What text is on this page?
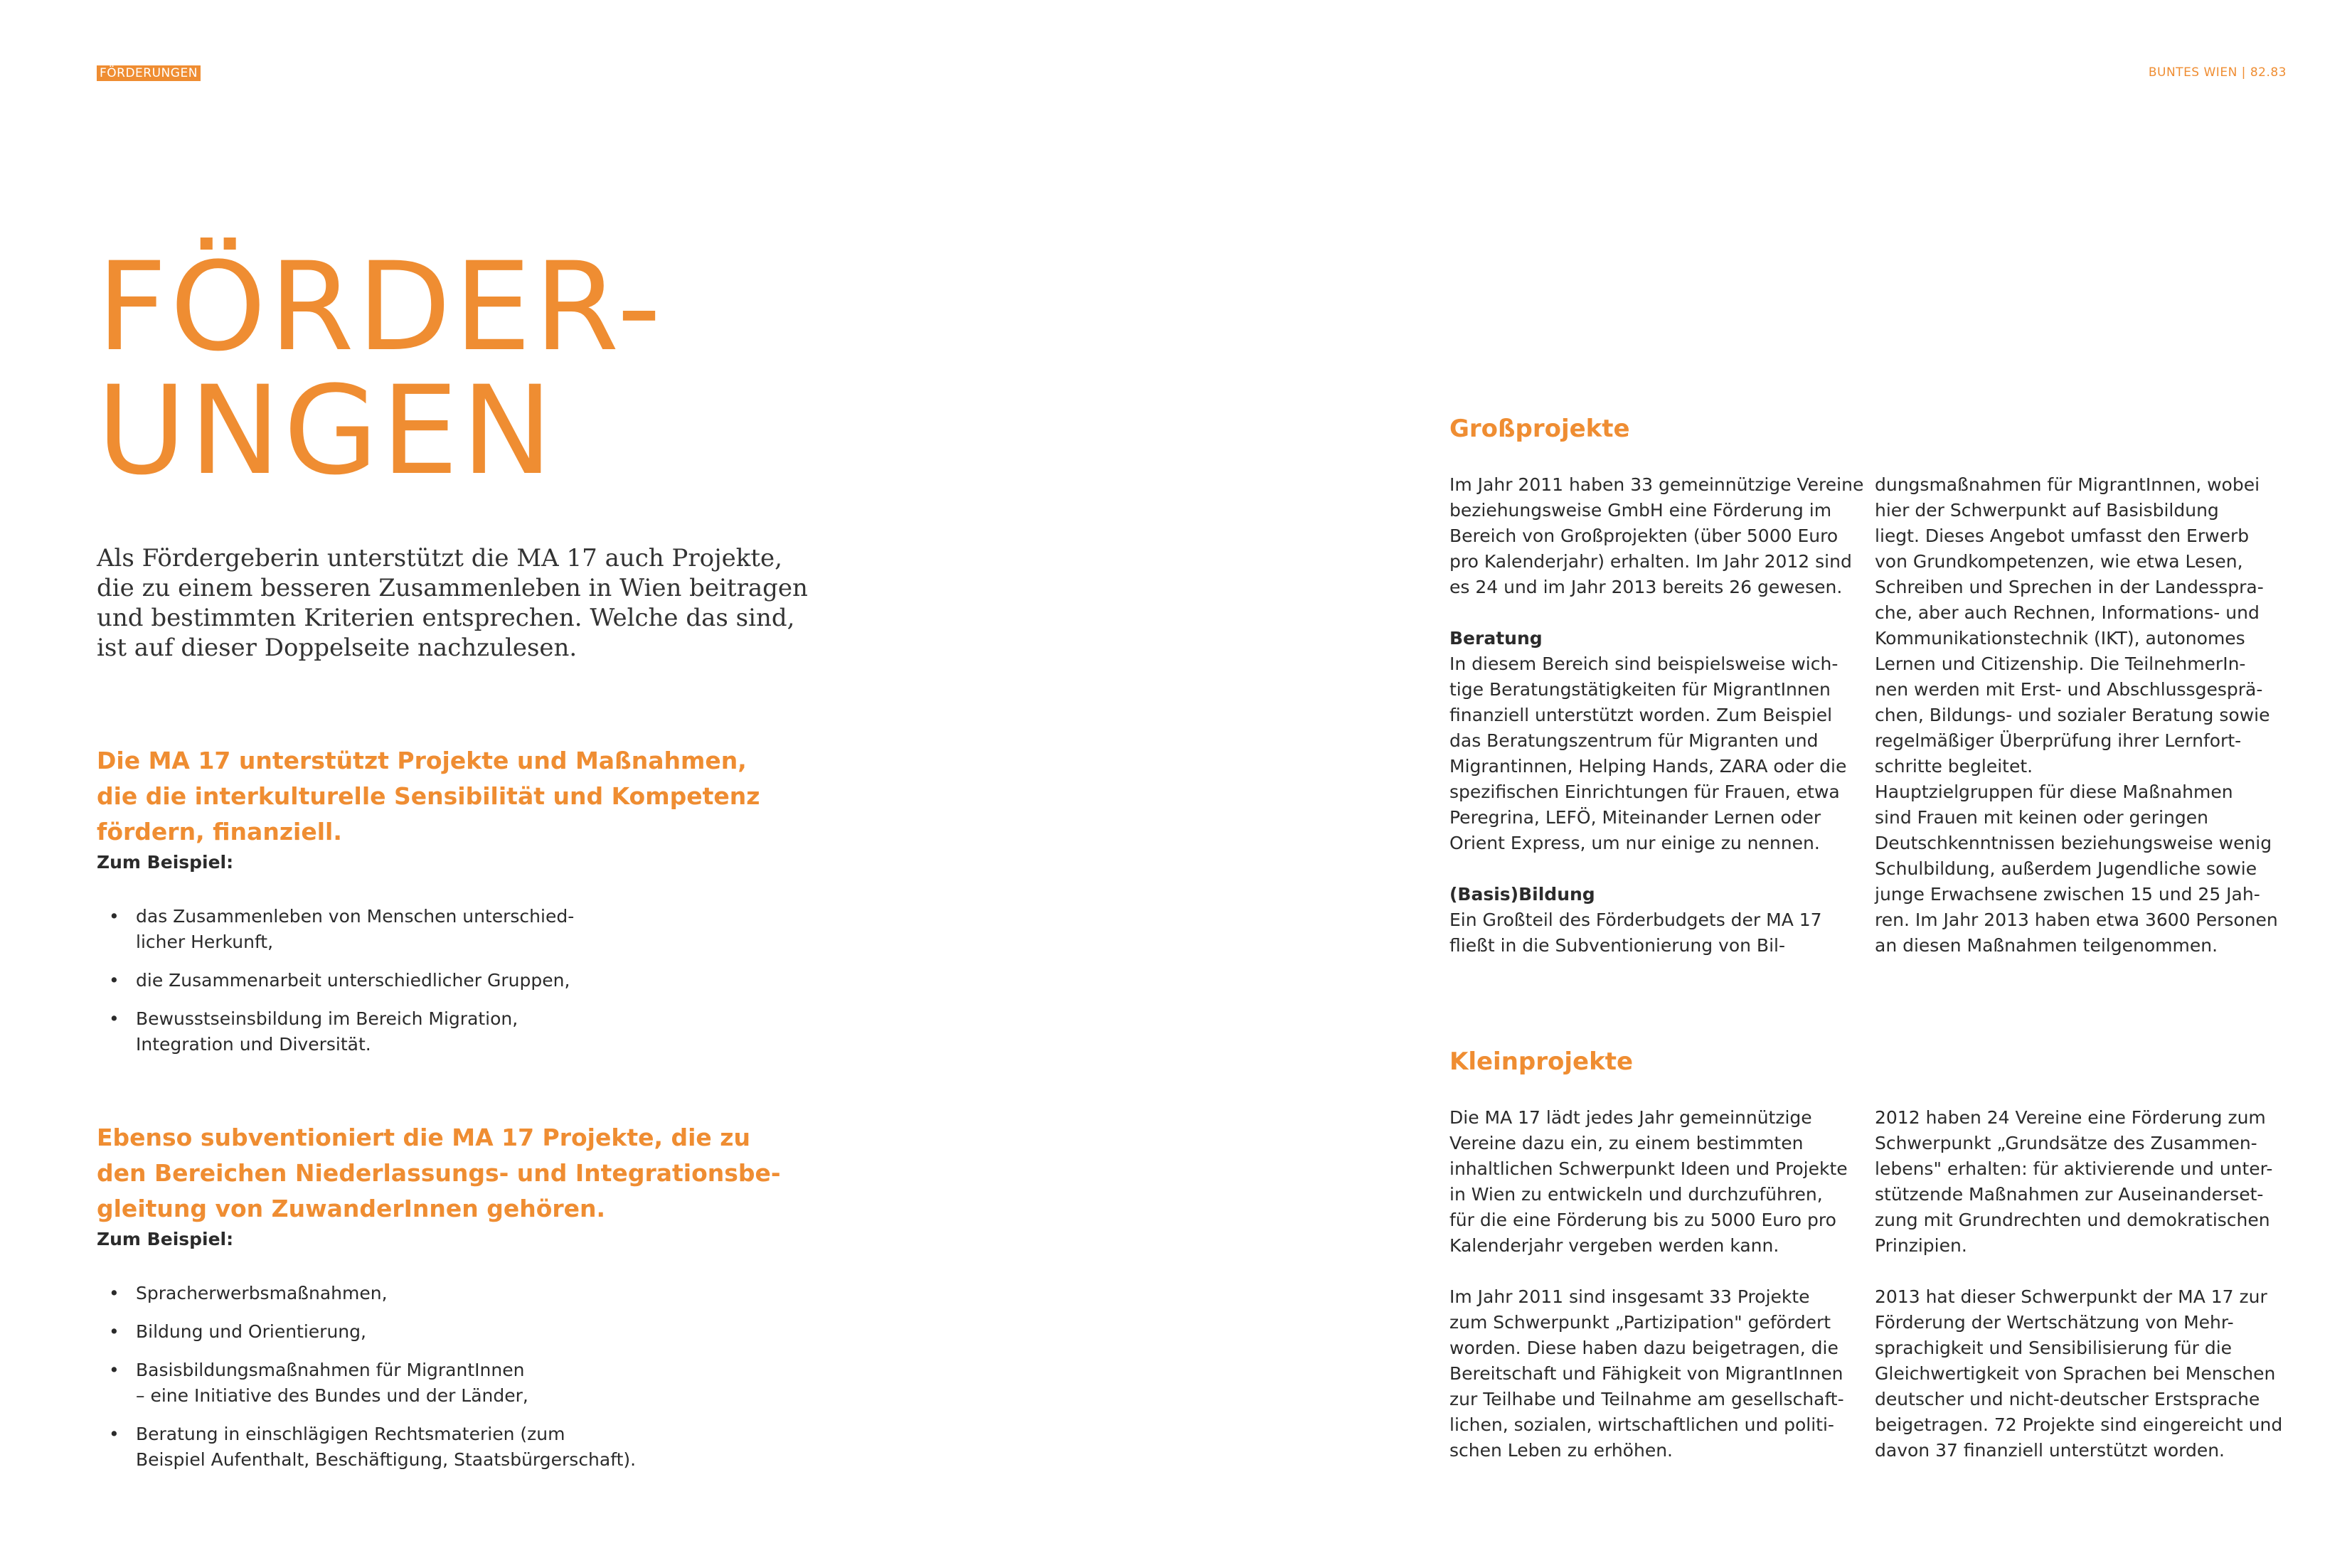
FÖRDERUNGEN	BUNTES WIEN | 82.83
FÖRDER-
UNGEN

Als Fördergeberin unterstützt die MA 17 auch Projekte,
die zu einem besseren Zusammenleben in Wien beitragen
und bestimmten Kriterien entsprechen. Welche das sind,
ist auf dieser Doppelseite nachzulesen.

Die MA 17 unterstützt Projekte und Maßnahmen,
die die interkulturelle Sensibilität und Kompetenz
fördern, finanziell.

Zum Beispiel:

• das Zusammenleben von Menschen unterschied-
licher Herkunft,
• die Zusammenarbeit unterschiedlicher Gruppen,
• Bewusstseinsbildung im Bereich Migration,
Integration und Diversität.
Ebenso subventioniert die MA 17 Projekte, die zu
den Bereichen Niederlassungs- und Integrationsbe-
gleitung von ZuwanderInnen gehören.

Zum Beispiel:

• Spracherwerbsmaßnahmen,
• Bildung und Orientierung,
• Basisbildungsmaßnahmen für MigrantInnen
– eine Initiative des Bundes und der Länder,
• Beratung in einschlägigen Rechtsmaterien (zum
Beispiel Aufenthalt, Beschäftigung, Staatsbürgerschaft).
Großprojekte

Im Jahr 2011 haben 33 gemeinnützige Vereine
beziehungsweise GmbH eine Förderung im
Bereich von Großprojekten (über 5000 Euro
pro Kalenderjahr) erhalten. Im Jahr 2012 sind
es 24 und im Jahr 2013 bereits 26 gewesen.

Beratung
In diesem Bereich sind beispielsweise wich-
tige Beratungstätigkeiten für MigrantInnen
finanziell unterstützt worden. Zum Beispiel
das Beratungszentrum für Migranten und
Migrantinnen, Helping Hands, ZARA oder die
spezifischen Einrichtungen für Frauen, etwa
Peregrina, LEFÖ, Miteinander Lernen oder
Orient Express, um nur einige zu nennen.

(Basis)Bildung
Ein Großteil des Förderbudgets der MA 17
fließt in die Subventionierung von Bil-

dungsmaßnahmen für MigrantInnen, wobei
hier der Schwerpunkt auf Basisbildung
liegt. Dieses Angebot umfasst den Erwerb
von Grundkompetenzen, wie etwa Lesen,
Schreiben und Sprechen in der Landesspra-
che, aber auch Rechnen, Informations- und
Kommunikationstechnik (IKT), autonomes
Lernen und Citizenship. Die TeilnehmerIn-
nen werden mit Erst- und Abschlussgesprä-
chen, Bildungs- und sozialer Beratung sowie
regelmäßiger Überprüfung ihrer Lernfort-
schritte begleitet.
Hauptzielgruppen für diese Maßnahmen
sind Frauen mit keinen oder geringen
Deutschkenntnissen beziehungsweise wenig
Schulbildung, außerdem Jugendliche sowie
junge Erwachsene zwischen 15 und 25 Jah-
ren. Im Jahr 2013 haben etwa 3600 Personen
an diesen Maßnahmen teilgenommen.

Kleinprojekte

Die MA 17 lädt jedes Jahr gemeinnützige
Vereine dazu ein, zu einem bestimmten
inhaltlichen Schwerpunkt Ideen und Projekte
in Wien zu entwickeln und durchzuführen,
für die eine Förderung bis zu 5000 Euro pro
Kalenderjahr vergeben werden kann.

Im Jahr 2011 sind insgesamt 33 Projekte
zum Schwerpunkt „Partizipation" gefördert
worden. Diese haben dazu beigetragen, die
Bereitschaft und Fähigkeit von MigrantInnen
zur Teilhabe und Teilnahme am gesellschaft-
lichen, sozialen, wirtschaftlichen und politi-
schen Leben zu erhöhen.

2012 haben 24 Vereine eine Förderung zum
Schwerpunkt „Grundsätze des Zusammen-
lebens" erhalten: für aktivierende und unter-
stützende Maßnahmen zur Auseinanderset-
zung mit Grundrechten und demokratischen
Prinzipien.

2013 hat dieser Schwerpunkt der MA 17 zur
Förderung der Wertschätzung von Mehr-
sprachigkeit und Sensibilisierung für die
Gleichwertigkeit von Sprachen bei Menschen
deutscher und nicht-deutscher Erstsprache
beigetragen. 72 Projekte sind eingereicht und
davon 37 finanziell unterstützt worden.
